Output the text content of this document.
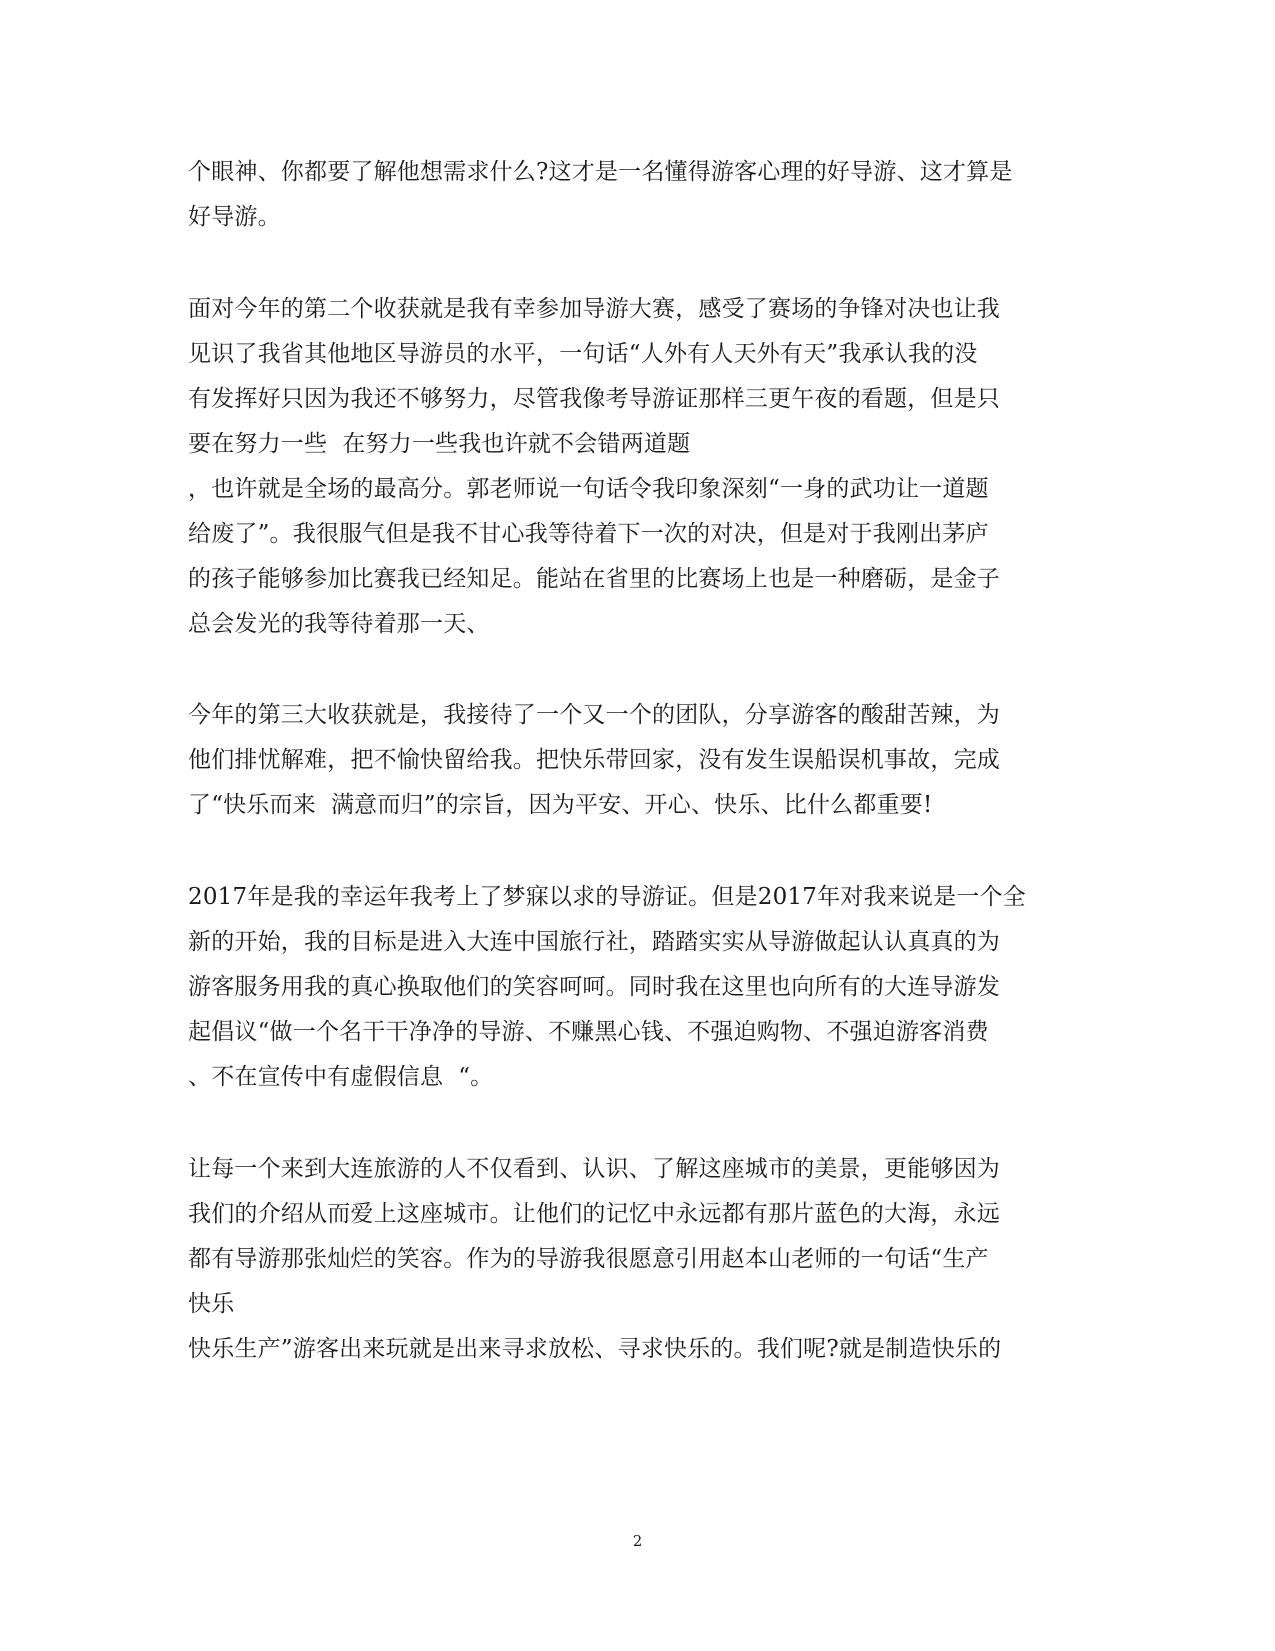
个眼神、你都要了解他想需求什么?这才是一名懂得游客心理的好导游、这才算是
好导游。
面对今年的第二个收获就是我有幸参加导游大赛，感受了赛场的争锋对决也让我
见识了我省其他地区导游员的水平，一句话“人外有人天外有天”我承认我的没
有发挥好只因为我还不够努力，尽管我像考导游证那样三更午夜的看题，但是只
要在努力一些  在努力一些我也许就不会错两道题
，也许就是全场的最高分。郭老师说一句话令我印象深刻“一身的武功让一道题
给废了”。我很服气但是我不甘心我等待着下一次的对决，但是对于我刚出茅庐
的孩子能够参加比赛我已经知足。能站在省里的比赛场上也是一种磨砺，是金子
总会发光的我等待着那一天、
今年的第三大收获就是，我接待了一个又一个的团队，分享游客的酸甜苦辣，为
他们排忧解难，把不愉快留给我。把快乐带回家，没有发生误船误机事故，完成
了“快乐而来  满意而归”的宗旨，因为平安、开心、快乐、比什么都重要!
2017年是我的幸运年我考上了梦寐以求的导游证。但是2017年对我来说是一个全
新的开始，我的目标是进入大连中国旅行社，踏踏实实从导游做起认认真真的为
游客服务用我的真心换取他们的笑容呵呵。同时我在这里也向所有的大连导游发
起倡议“做一个名干干净净的导游、不赚黑心钱、不强迫购物、不强迫游客消费
、不在宣传中有虚假信息  “。
让每一个来到大连旅游的人不仅看到、认识、了解这座城市的美景，更能够因为
我们的介绍从而爱上这座城市。让他们的记忆中永远都有那片蓝色的大海，永远
都有导游那张灿烂的笑容。作为的导游我很愿意引用赵本山老师的一句话“生产
快乐
快乐生产”游客出来玩就是出来寻求放松、寻求快乐的。我们呢?就是制造快乐的
2
